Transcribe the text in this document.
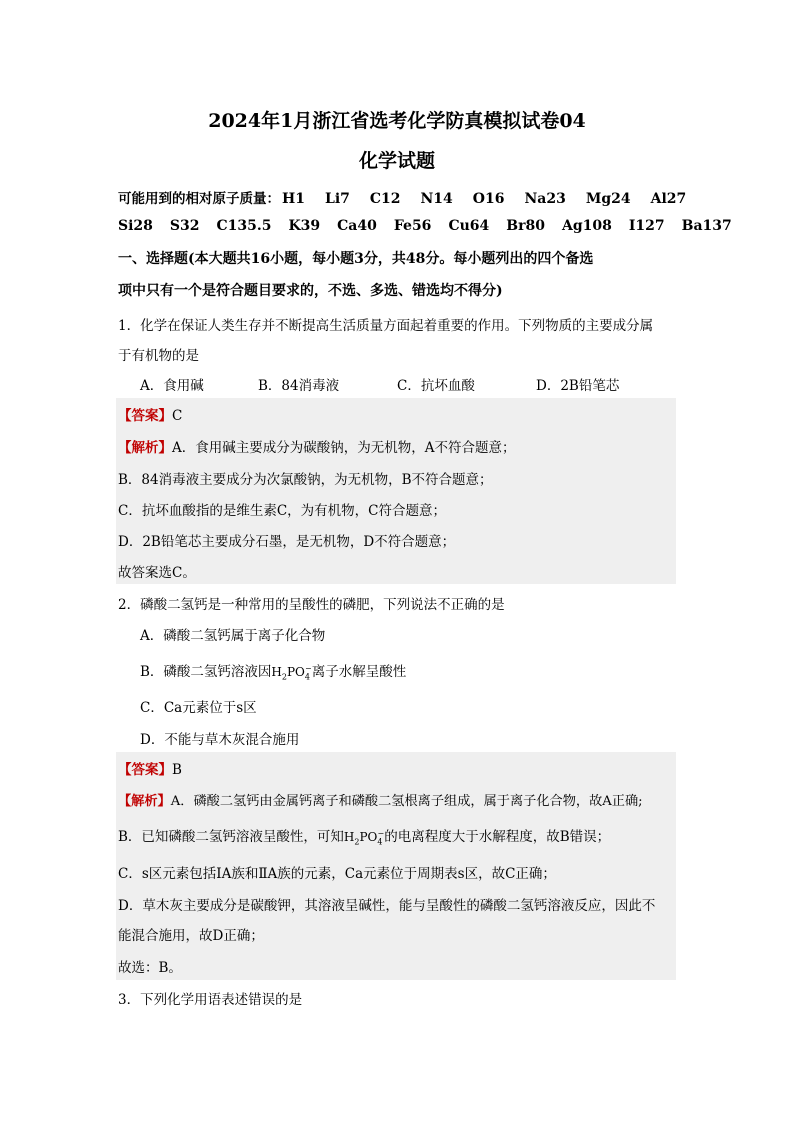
2024年1月浙江省选考化学防真模拟试卷04
化学试题
可能用到的相对原子质量： H1 Li7 C12 N14 O16 Na23 Mg24 Al27
Si28 S32 C135.5 K39 Ca40 Fe56 Cu64 Br80 Ag108 I127 Ba137
一、选择题(本大题共16小题，每小题3分，共48分。每小题列出的四个备选
项中只有一个是符合题目要求的，不选、多选、错选均不得分)
1．化学在保证人类生存并不断提高生活质量方面起着重要的作用。下列物质的主要成分属
于有机物的是
A．食用碱	B．84消毒液	C．抗坏血酸	D．2B铅笔芯
【答案】C
【解析】A．食用碱主要成分为碳酸钠，为无机物，A不符合题意；
B．84消毒液主要成分为次氯酸钠，为无机物，B不符合题意；
C．抗坏血酸指的是维生素C，为有机物，C符合题意；
D．2B铅笔芯主要成分石墨，是无机物，D不符合题意；
故答案选C。
2．磷酸二氢钙是一种常用的呈酸性的磷肥，下列说法不正确的是
A．磷酸二氢钙属于离子化合物
B．磷酸二氢钙溶液因$H_2PO_4^-$离子水解呈酸性
C．Ca元素位于s区
D．不能与草木灰混合施用
【答案】B
【解析】A．磷酸二氢钙由金属钙离子和磷酸二氢根离子组成，属于离子化合物，故A正确;
B．已知磷酸二氢钙溶液呈酸性，可知$H_2PO_4^-$的电离程度大于水解程度，故B错误；
C．s区元素包括ⅠA族和ⅡA族的元素，Ca元素位于周期表s区，故C正确；
D．草木灰主要成分是碳酸钾，其溶液呈碱性，能与呈酸性的磷酸二氢钙溶液反应，因此不
能混合施用，故D正确；
故选：B。
3．下列化学用语表述错误的是
